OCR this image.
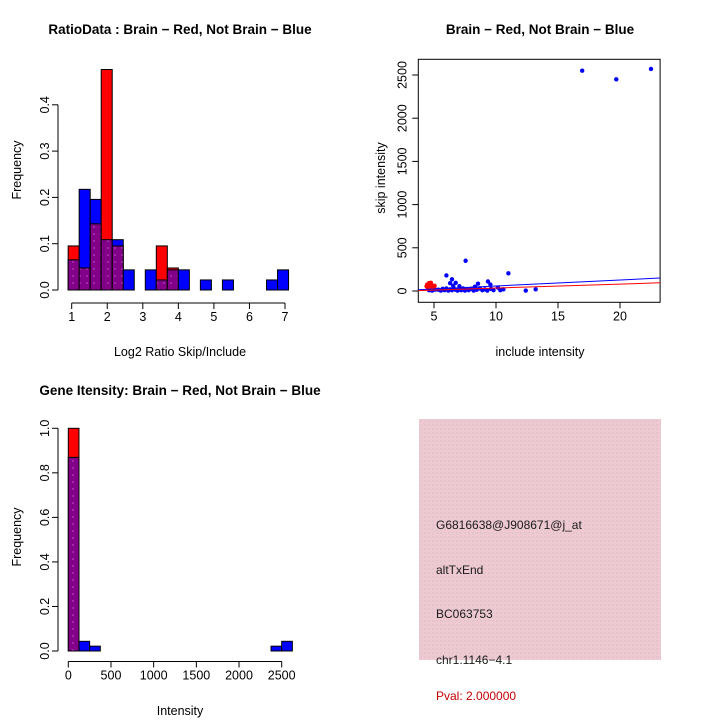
0.0
0.1
0.2
0.3
0.4
1 2 3 4 5 6 7
RatioData : Brain − Red, Not Brain − Blue
Log2 Ratio Skip/Include
Frequency
0
500
1000
1500
2000
2500
5	10	15	20
Brain − Red, Not Brain − Blue
include intensity
skip intensity
0.0
0.2
0.4
0.6
0.8
1.0
0 500 1000 1500 2000 2500
Gene Itensity: Brain − Red, Not Brain − Blue
Intensity
Frequency	G6816638@J908671@j_at
altTxEnd
BC063753
chr1.1146−4.1
Pval: 2.000000
